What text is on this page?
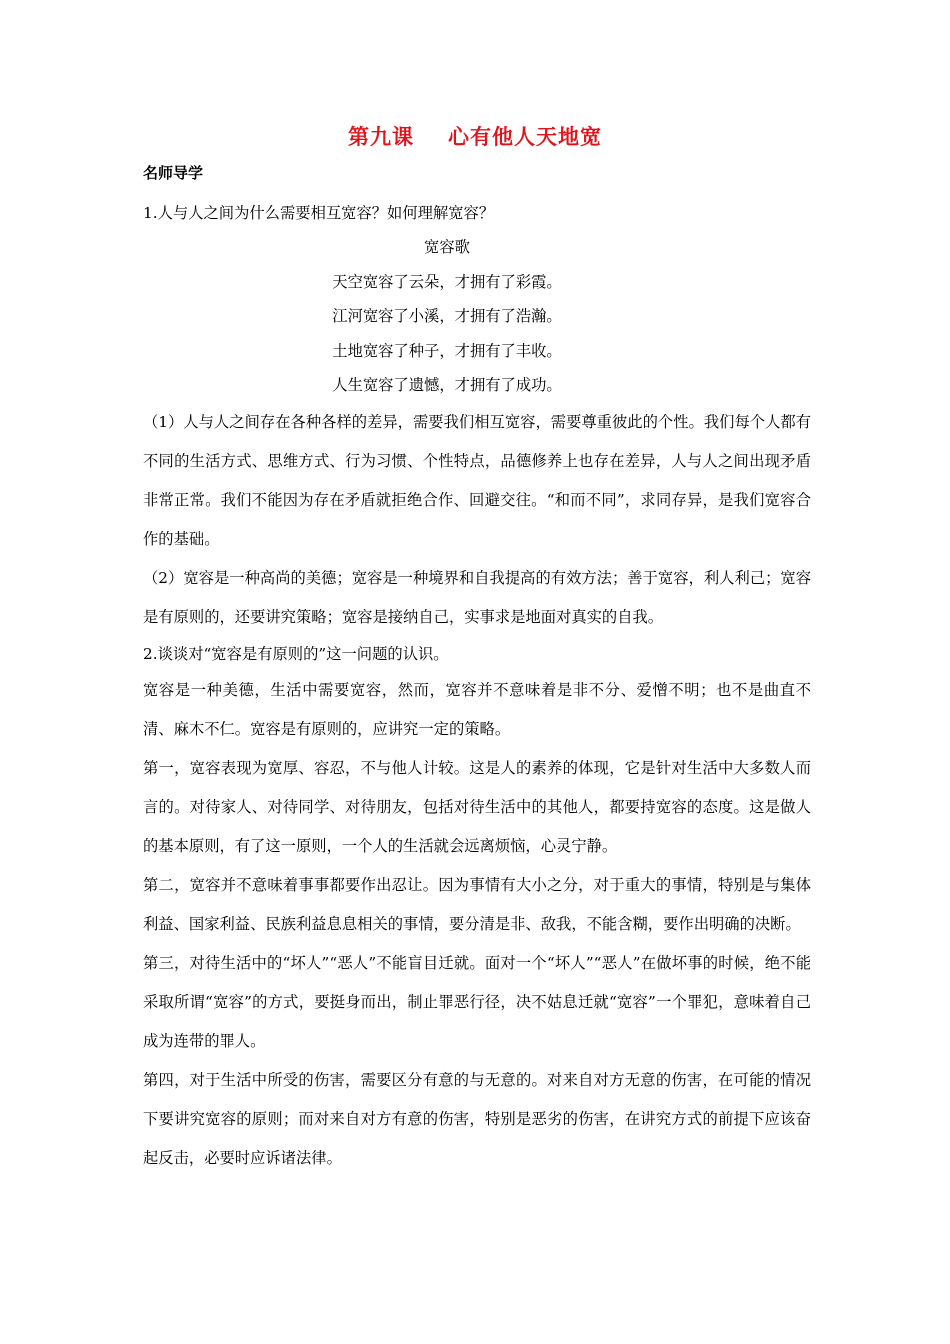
第九课 心有他人天地宽
名师导学
1.人与人之间为什么需要相互宽容？如何理解宽容？
宽容歌
天空宽容了云朵，才拥有了彩霞。
江河宽容了小溪，才拥有了浩瀚。
土地宽容了种子，才拥有了丰收。
人生宽容了遗憾，才拥有了成功。
（1）人与人之间存在各种各样的差异，需要我们相互宽容，需要尊重彼此的个性。我们每个人都有不同的生活方式、思维方式、行为习惯、个性特点，品德修养上也存在差异，人与人之间出现矛盾非常正常。我们不能因为存在矛盾就拒绝合作、回避交往。“和而不同”，求同存异，是我们宽容合作的基础。
（2）宽容是一种高尚的美德；宽容是一种境界和自我提高的有效方法；善于宽容，利人利己；宽容是有原则的，还要讲究策略；宽容是接纳自己，实事求是地面对真实的自我。
2.谈谈对“宽容是有原则的”这一问题的认识。
宽容是一种美德，生活中需要宽容，然而，宽容并不意味着是非不分、爱憎不明；也不是曲直不清、麻木不仁。宽容是有原则的，应讲究一定的策略。
第一，宽容表现为宽厚、容忍，不与他人计较。这是人的素养的体现，它是针对生活中大多数人而言的。对待家人、对待同学、对待朋友，包括对待生活中的其他人，都要持宽容的态度。这是做人的基本原则，有了这一原则，一个人的生活就会远离烦恼，心灵宁静。
第二，宽容并不意味着事事都要作出忍让。因为事情有大小之分，对于重大的事情，特别是与集体利益、国家利益、民族利益息息相关的事情，要分清是非、敌我，不能含糊，要作出明确的决断。
第三，对待生活中的“坏人”“恶人”不能盲目迁就。面对一个“坏人”“恶人”在做坏事的时候，绝不能采取所谓“宽容”的方式，要挺身而出，制止罪恶行径，决不姑息迁就“宽容”一个罪犯，意味着自己成为连带的罪人。
第四，对于生活中所受的伤害，需要区分有意的与无意的。对来自对方无意的伤害，在可能的情况下要讲究宽容的原则；而对来自对方有意的伤害，特别是恶劣的伤害，在讲究方式的前提下应该奋起反击，必要时应诉诸法律。
